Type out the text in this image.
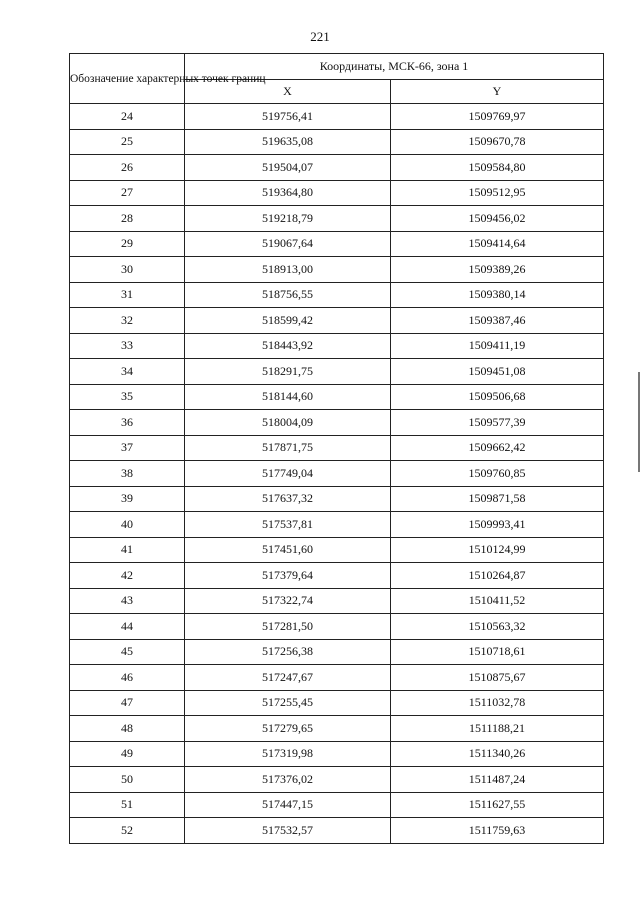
221
Обозначение характерных точек границ	Координаты, МСК-66, зона 1	
	X	Y
24	519756,41	1509769,97
25	519635,08	1509670,78
26	519504,07	1509584,80
27	519364,80	1509512,95
28	519218,79	1509456,02
29	519067,64	1509414,64
30	518913,00	1509389,26
31	518756,55	1509380,14
32	518599,42	1509387,46
33	518443,92	1509411,19
34	518291,75	1509451,08
35	518144,60	1509506,68
36	518004,09	1509577,39
37	517871,75	1509662,42
38	517749,04	1509760,85
39	517637,32	1509871,58
40	517537,81	1509993,41
41	517451,60	1510124,99
42	517379,64	1510264,87
43	517322,74	1510411,52
44	517281,50	1510563,32
45	517256,38	1510718,61
46	517247,67	1510875,67
47	517255,45	1511032,78
48	517279,65	1511188,21
49	517319,98	1511340,26
50	517376,02	1511487,24
51	517447,15	1511627,55
52	517532,57	1511759,63
